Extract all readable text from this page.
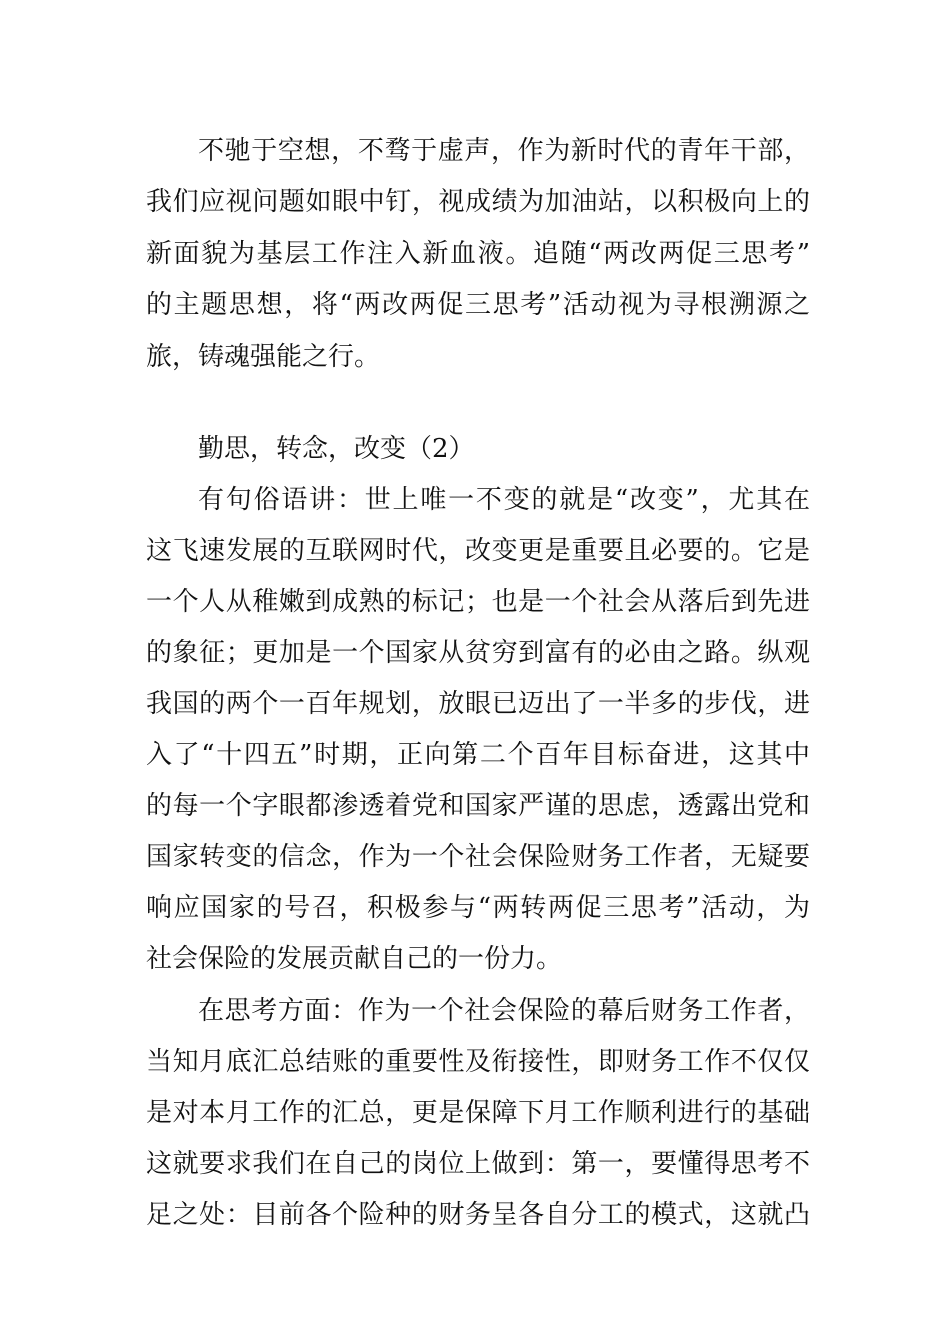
不驰于空想，不骛于虚声，作为新时代的青年干部，
我们应视问题如眼中钉，视成绩为加油站，以积极向上的
新面貌为基层工作注入新血液。追随“两改两促三思考”
的主题思想，将“两改两促三思考”活动视为寻根溯源之
旅，铸魂强能之行。
勤思，转念，改变（2）
有句俗语讲：世上唯一不变的就是“改变”，尤其在
这飞速发展的互联网时代，改变更是重要且必要的。它是
一个人从稚嫩到成熟的标记；也是一个社会从落后到先进
的象征；更加是一个国家从贫穷到富有的必由之路。纵观
我国的两个一百年规划，放眼已迈出了一半多的步伐，进
入了“十四五”时期，正向第二个百年目标奋进，这其中
的每一个字眼都渗透着党和国家严谨的思虑，透露出党和
国家转变的信念，作为一个社会保险财务工作者，无疑要
响应国家的号召，积极参与“两转两促三思考”活动，为
社会保险的发展贡献自己的一份力。
在思考方面：作为一个社会保险的幕后财务工作者，
当知月底汇总结账的重要性及衔接性，即财务工作不仅仅
是对本月工作的汇总，更是保障下月工作顺利进行的基础
这就要求我们在自己的岗位上做到：第一，要懂得思考不
足之处：目前各个险种的财务呈各自分工的模式，这就凸
